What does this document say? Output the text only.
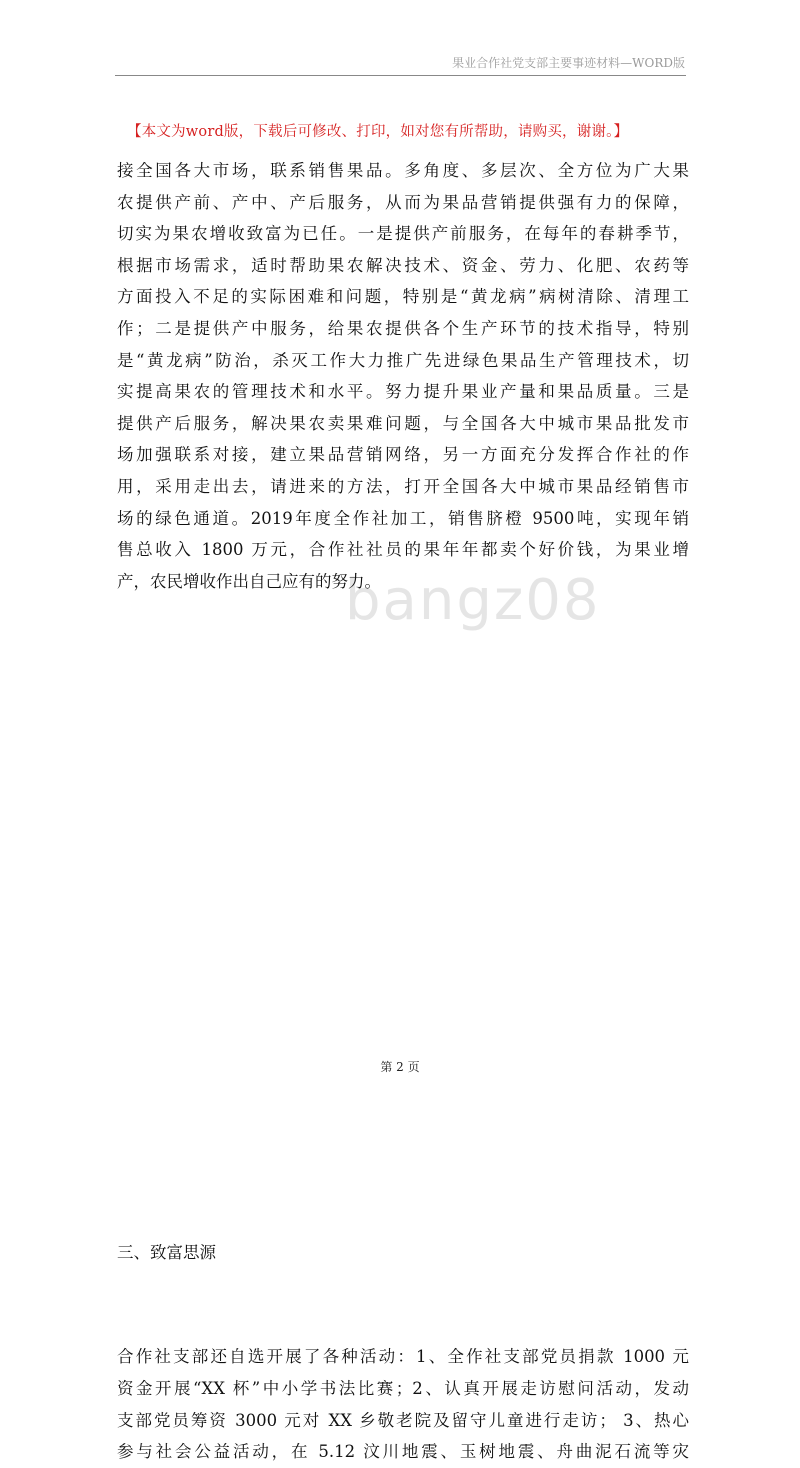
果业合作社党支部主要事迹材料—WORD版
【本文为word版，下载后可修改、打印，如对您有所帮助，请购买，谢谢。】
bangz08
接全国各大市场，联系销售果品。多角度、多层次、全方位为广大果
农提供产前、产中、产后服务，从而为果品营销提供强有力的保障，
切实为果农增收致富为已任。一是提供产前服务，在每年的春耕季节，
根据市场需求，适时帮助果农解决技术、资金、劳力、化肥、农药等
方面投入不足的实际困难和问题，特别是“黄龙病”病树清除、清理工
作；二是提供产中服务，给果农提供各个生产环节的技术指导，特别
是“黄龙病”防治，杀灭工作大力推广先进绿色果品生产管理技术，切
实提高果农的管理技术和水平。努力提升果业产量和果品质量。三是
提供产后服务，解决果农卖果难问题，与全国各大中城市果品批发市
场加强联系对接，建立果品营销网络，另一方面充分发挥合作社的作
用，采用走出去，请进来的方法，打开全国各大中城市果品经销售市
场的绿色通道。2019年度全作社加工，销售脐橙 9500吨，实现年销
售总收入 1800 万元，合作社社员的果年年都卖个好价钱，为果业增
产，农民增收作出自己应有的努力。
三、致富思源
合作社支部还自选开展了各种活动：1、全作社支部党员捐款 1000 元
资金开展“XX 杯”中小学书法比赛；2、认真开展走访慰问活动，发动
支部党员筹资 3000 元对 XX 乡敬老院及留守儿童进行走访； 3、热心
参与社会公益活动，在 5.12 汶川地震、玉树地震、舟曲泥石流等灾
第 2 页
